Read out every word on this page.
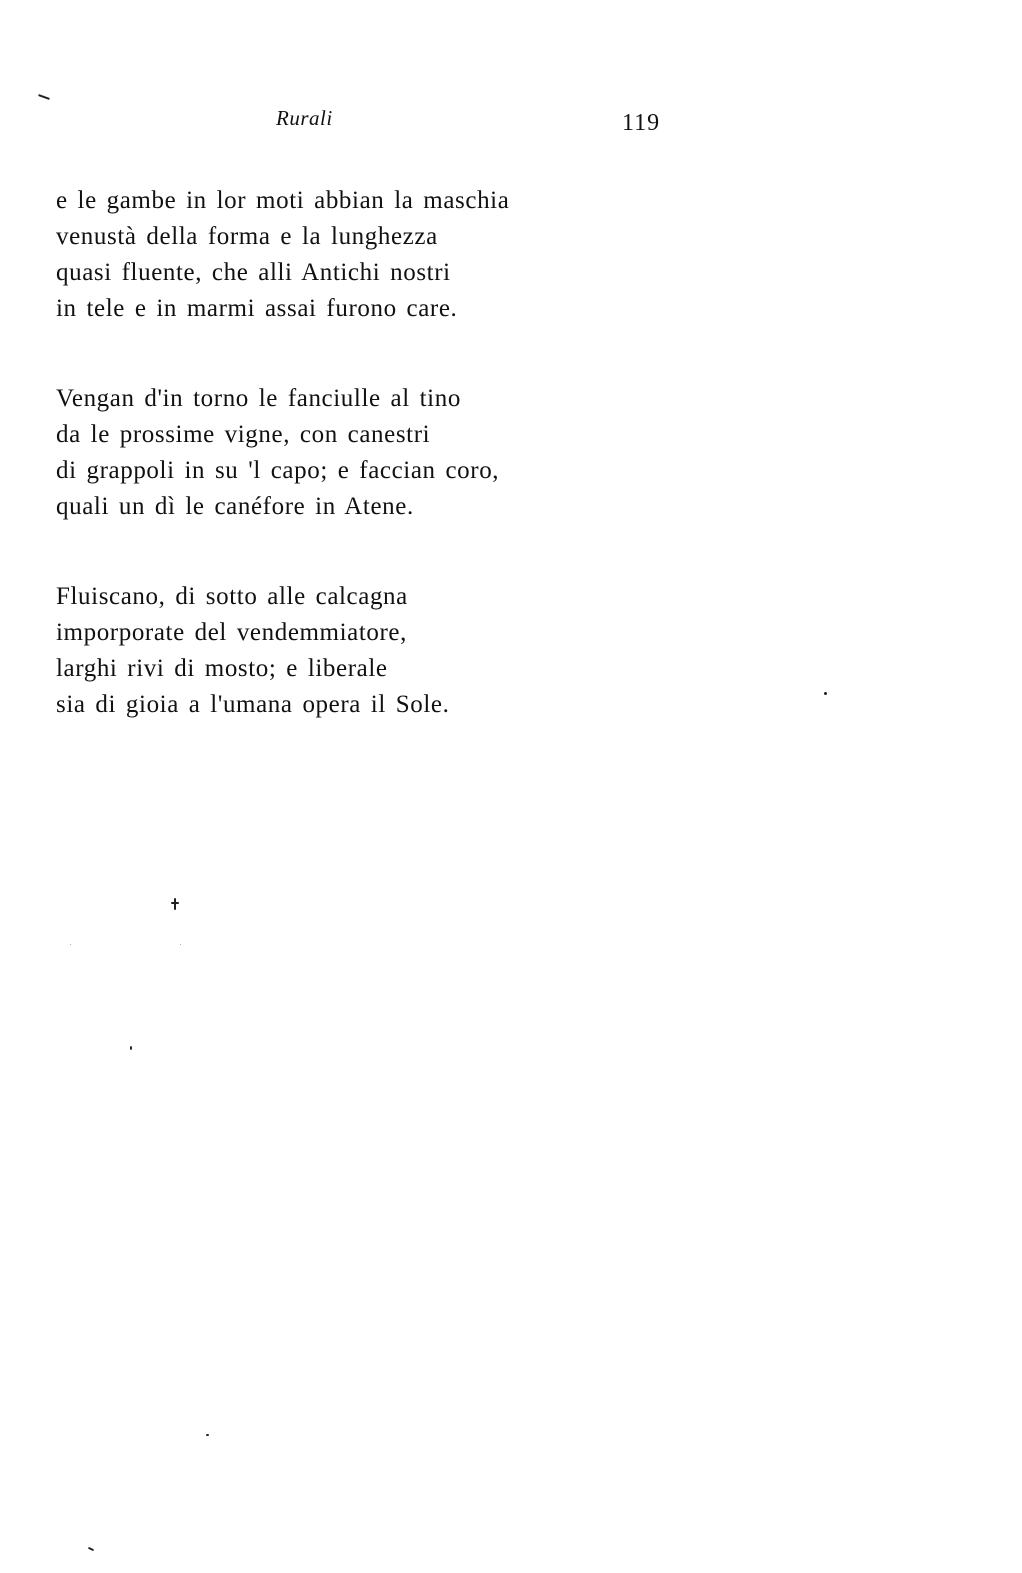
Rurali	119
e le gambe in lor moti abbian la maschia
venustà della forma e la lunghezza
quasi fluente, che alli Antichi nostri
in tele e in marmi assai furono care.
Vengan d'in torno le fanciulle al tino
da le prossime vigne, con canestri
di grappoli in su 'l capo; e faccian coro,
quali un dì le canéfore in Atene.
Fluiscano, di sotto alle calcagna
imporporate del vendemmiatore,
larghi rivi di mosto; e liberale
sia di gioia a l'umana opera il Sole.
